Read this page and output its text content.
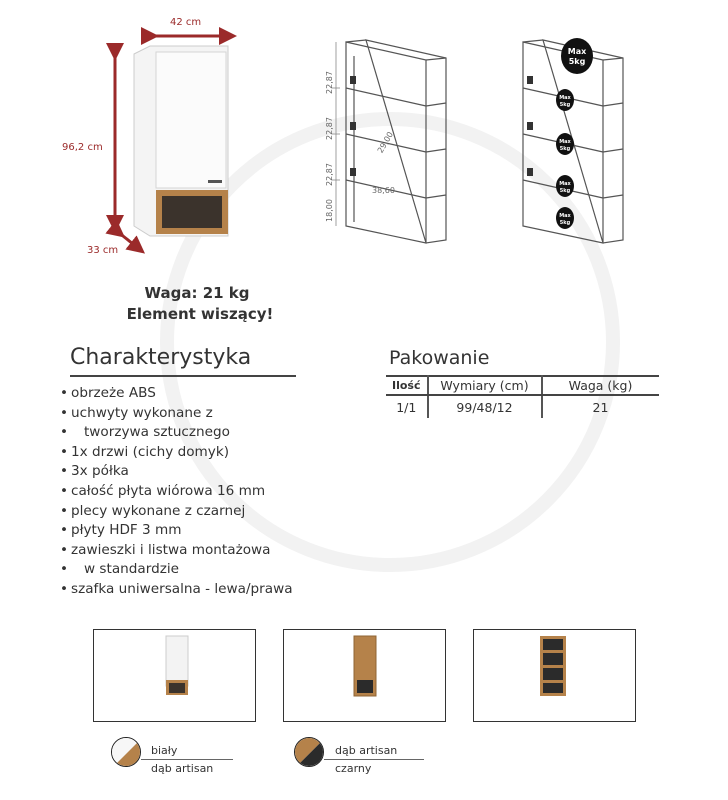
42 cm
96,2 cm
33 cm
22,87
22,87
22,87
18,00
29,00
38,60
Max
5kg
Max
5kg
Max
5kg
Max
5kg
Max
5kg
Waga: 21 kg
Element wiszący!
Charakterystyka
• obrzeże ABS
• uchwyty wykonane z
•    tworzywa sztucznego
• 1x drzwi (cichy domyk)
• 3x półka
• całość płyta wiórowa 16 mm
• plecy wykonane z czarnej
• płyty HDF 3 mm
• zawieszki i listwa montażowa
•    w standardzie
• szafka uniwersalna - lewa/prawa
Pakowanie
Ilość	Wymiary (cm)	Waga (kg)
1/1	99/48/12	21
biały
dąb artisan
dąb artisan
czarny
